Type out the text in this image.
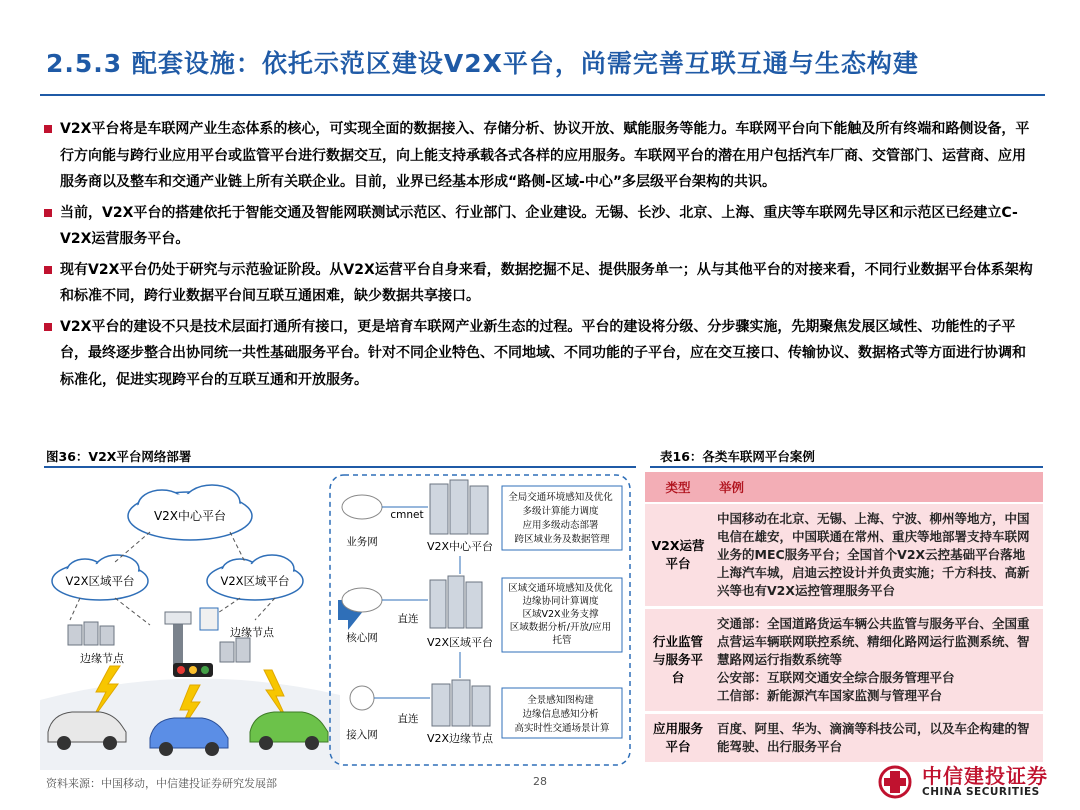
2.5.3 配套设施：依托示范区建设V2X平台，尚需完善互联互通与生态构建
V2X平台将是车联网产业生态体系的核心，可实现全面的数据接入、存储分析、协议开放、赋能服务等能力。车联网平台向下能触及所有终端和路侧设备，平行方向能与跨行业应用平台或监管平台进行数据交互，向上能支持承载各式各样的应用服务。车联网平台的潜在用户包括汽车厂商、交管部门、运营商、应用服务商以及整车和交通产业链上所有关联企业。目前，业界已经基本形成“路侧-区域-中心”多层级平台架构的共识。
当前，V2X平台的搭建依托于智能交通及智能网联测试示范区、行业部门、企业建设。无锡、长沙、北京、上海、重庆等车联网先导区和示范区已经建立C-V2X运营服务平台。
现有V2X平台仍处于研究与示范验证阶段。从V2X运营平台自身来看，数据挖掘不足、提供服务单一；从与其他平台的对接来看，不同行业数据平台体系架构和标准不同，跨行业数据平台间互联互通困难，缺少数据共享接口。
V2X平台的建设不只是技术层面打通所有接口，更是培育车联网产业新生态的过程。平台的建设将分级、分步骤实施，先期聚焦发展区域性、功能性的子平台，最终逐步整合出协同统一共性基础服务平台。针对不同企业特色、不同地域、不同功能的子平台，应在交互接口、传输协议、数据格式等方面进行协调和标准化，促进实现跨平台的互联互通和开放服务。
图36：V2X平台网络部署	表16：各类车联网平台案例
V2X中心平台
V2X区域平台	V2X区域平台
边缘节点
边缘节点
业务网
cmnet
V2X中心平台
全局交通环境感知及优化 多级计算能力调度 应用多级动态部署 跨区域业务及数据管理
核心网
直连
V2X区域平台
区域交通环境感知及优化 边缘协同计算调度 区域V2X业务支撑 区域数据分析/开放/应用 托管
接入网
直连
V2X边缘节点
全景感知图构建 边缘信息感知分析 高实时性交通场景计算
类型	举例
V2X运营平台	中国移动在北京、无锡、上海、宁波、柳州等地方，中国电信在雄安，中国联通在常州、重庆等地部署支持车联网业务的MEC服务平台；全国首个V2X云控基础平台落地上海汽车城，启迪云控设计并负责实施；千方科技、高新兴等也有V2X运控管理服务平台
行业监管与服务平台	交通部：全国道路货运车辆公共监管与服务平台、全国重点营运车辆联网联控系统、精细化路网运行监测系统、智慧路网运行指数系统等
公安部：互联网交通安全综合服务管理平台
工信部：新能源汽车国家监测与管理平台
应用服务平台	百度、阿里、华为、滴滴等科技公司，以及车企构建的智能驾驶、出行服务平台
资料来源：中国移动，中信建投证券研究发展部	28	中信建投证券
CHINA SECURITIES
